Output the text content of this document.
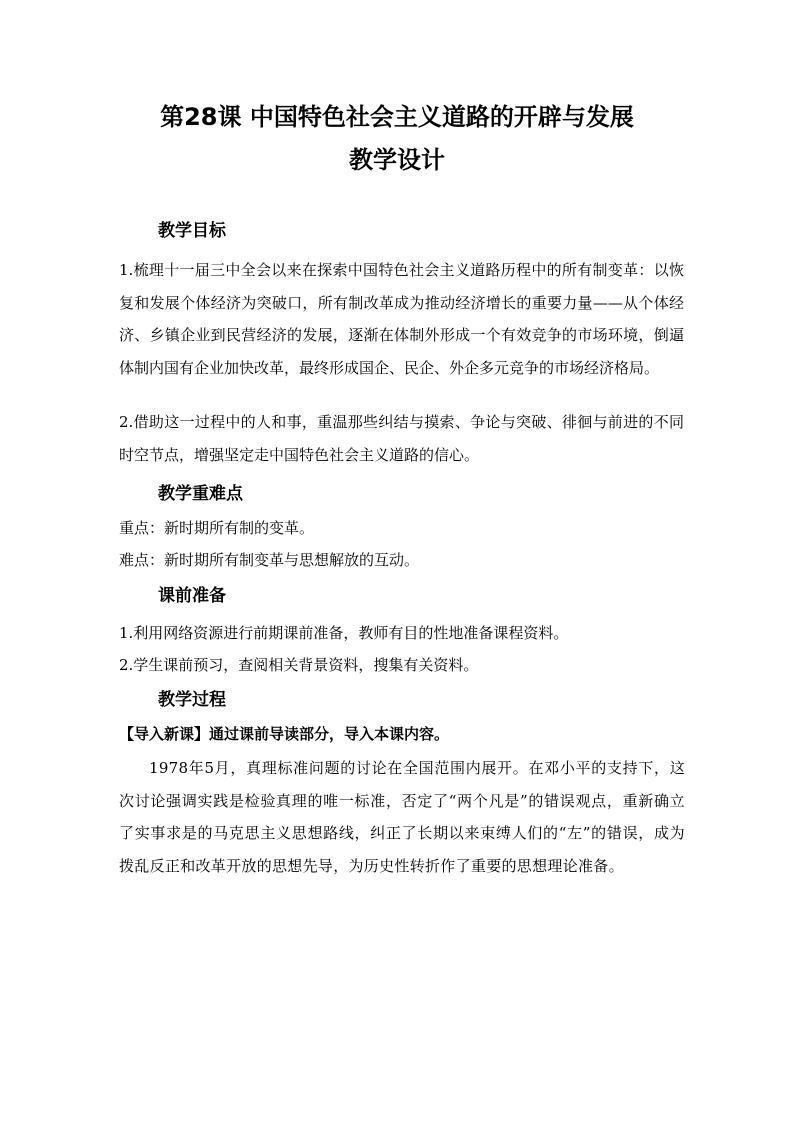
第28课 中国特色社会主义道路的开辟与发展
教学设计
教学目标

1.梳理十一届三中全会以来在探索中国特色社会主义道路历程中的所有制变革：以恢复和发展个体经济为突破口，所有制改革成为推动经济增长的重要力量——从个体经济、乡镇企业到民营经济的发展，逐渐在体制外形成一个有效竞争的市场环境，倒逼体制内国有企业加快改革，最终形成国企、民企、外企多元竞争的市场经济格局。

2.借助这一过程中的人和事，重温那些纠结与摸索、争论与突破、徘徊与前进的不同时空节点，增强坚定走中国特色社会主义道路的信心。

教学重难点

重点：新时期所有制的变革。

难点：新时期所有制变革与思想解放的互动。

课前准备

1.利用网络资源进行前期课前准备，教师有目的性地准备课程资料。

2.学生课前预习，查阅相关背景资料，搜集有关资料。

教学过程

【导入新课】通过课前导读部分，导入本课内容。

1978年5月，真理标准问题的讨论在全国范围内展开。在邓小平的支持下，这次讨论强调实践是检验真理的唯一标准，否定了“两个凡是”的错误观点，重新确立了实事求是的马克思主义思想路线，纠正了长期以来束缚人们的“左”的错误，成为拨乱反正和改革开放的思想先导，为历史性转折作了重要的思想理论准备。
